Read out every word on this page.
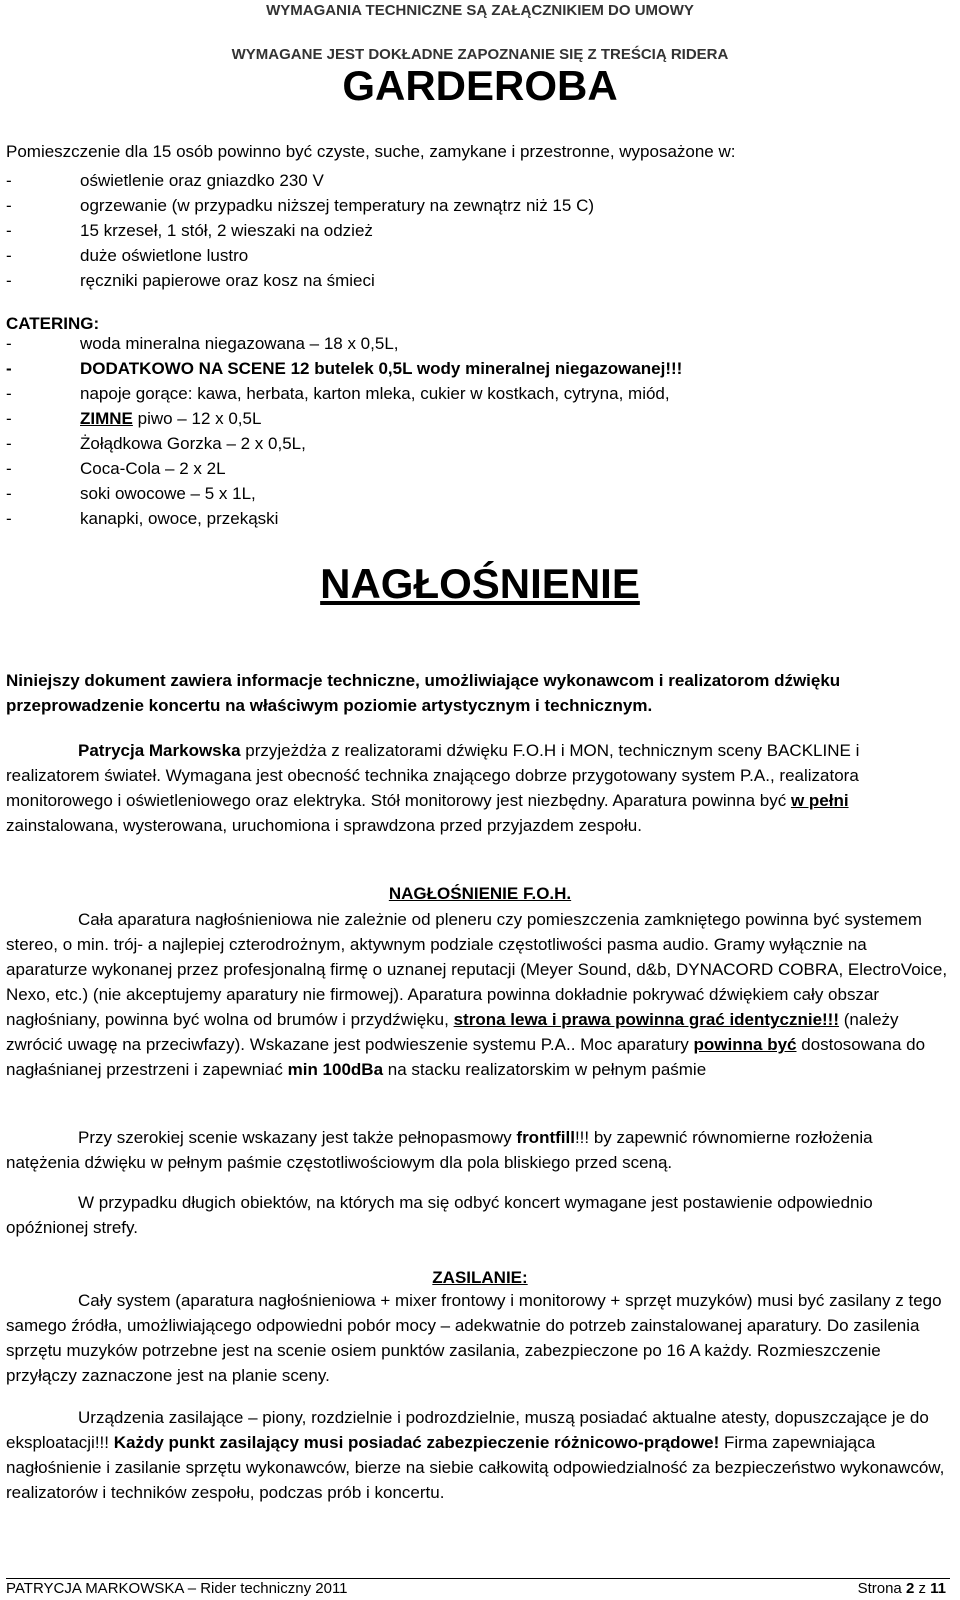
WYMAGANIA TECHNICZNE SĄ ZAŁĄCZNIKIEM DO UMOWY
WYMAGANE JEST DOKŁADNE ZAPOZNANIE SIĘ Z TREŚCIĄ RIDERA
GARDEROBA
Pomieszczenie dla 15 osób powinno być czyste, suche, zamykane i przestronne, wyposażone w:
-	oświetlenie oraz gniazdko 230 V
-	ogrzewanie (w przypadku niższej temperatury na zewnątrz niż 15 C)
-	15 krzeseł, 1 stół, 2 wieszaki na odzież
-	duże oświetlone lustro
-	ręczniki papierowe oraz kosz na śmieci
CATERING:
-	woda mineralna niegazowana – 18 x 0,5L,
-	DODATKOWO NA SCENE 12 butelek 0,5L wody mineralnej niegazowanej!!!
-	napoje gorące: kawa, herbata, karton mleka, cukier w kostkach, cytryna, miód,
-	ZIMNE piwo – 12 x 0,5L
-	Żołądkowa Gorzka – 2 x 0,5L,
-	Coca-Cola – 2 x 2L
-	soki owocowe – 5 x 1L,
-	kanapki, owoce, przekąski
NAGŁOŚNIENIE
Niniejszy dokument zawiera informacje techniczne, umożliwiające wykonawcom i realizatorom dźwięku przeprowadzenie koncertu na właściwym poziomie artystycznym i technicznym.
Patrycja Markowska przyjeżdża z realizatorami dźwięku F.O.H i MON, technicznym sceny BACKLINE i realizatorem świateł. Wymagana jest obecność technika znającego dobrze przygotowany system P.A., realizatora monitorowego i oświetleniowego oraz elektryka. Stół monitorowy jest niezbędny. Aparatura powinna być w pełni zainstalowana, wysterowana, uruchomiona i sprawdzona przed przyjazdem zespołu.
NAGŁOŚNIENIE F.O.H.
Cała aparatura nagłośnieniowa nie zależnie od pleneru czy pomieszczenia zamkniętego powinna być systemem stereo, o min. trój- a najlepiej czterodrożnym, aktywnym podziale częstotliwości pasma audio. Gramy wyłącznie na aparaturze wykonanej przez profesjonalną firmę o uznanej reputacji (Meyer Sound, d&b, DYNACORD COBRA, ElectroVoice, Nexo, etc.) (nie akceptujemy aparatury nie firmowej). Aparatura powinna dokładnie pokrywać dźwiękiem cały obszar nagłośniany, powinna być wolna od brumów i przydźwięku, strona lewa i prawa powinna grać identycznie!!! (należy zwrócić uwagę na przeciwfazy). Wskazane jest podwieszenie systemu P.A.. Moc aparatury powinna być dostosowana do nagłaśnianej przestrzeni i zapewniać min 100dBa na stacku realizatorskim w pełnym paśmie
Przy szerokiej scenie wskazany jest także pełnopasmowy frontfill!!! by zapewnić równomierne rozłożenia natężenia dźwięku w pełnym paśmie częstotliwościowym dla pola bliskiego przed sceną.
W przypadku długich obiektów, na których ma się odbyć koncert wymagane jest postawienie odpowiednio opóźnionej strefy.
ZASILANIE:
Cały system (aparatura nagłośnieniowa + mixer frontowy i monitorowy + sprzęt muzyków) musi być zasilany z tego samego źródła, umożliwiającego odpowiedni pobór mocy – adekwatnie do potrzeb zainstalowanej aparatury. Do zasilenia sprzętu muzyków potrzebne jest na scenie osiem punktów zasilania, zabezpieczone po 16 A każdy. Rozmieszczenie przyłączy zaznaczone jest na planie sceny.
Urządzenia zasilające – piony, rozdzielnie i podrozdzielnie, muszą posiadać aktualne atesty, dopuszczające je do eksploatacji!!! Każdy punkt zasilający musi posiadać zabezpieczenie różnicowo-prądowe! Firma zapewniająca nagłośnienie i zasilanie sprzętu wykonawców, bierze na siebie całkowitą odpowiedzialność za bezpieczeństwo wykonawców, realizatorów i techników zespołu, podczas prób i koncertu.
PATRYCJA MARKOWSKA – Rider techniczny 2011	Strona 2 z 11
